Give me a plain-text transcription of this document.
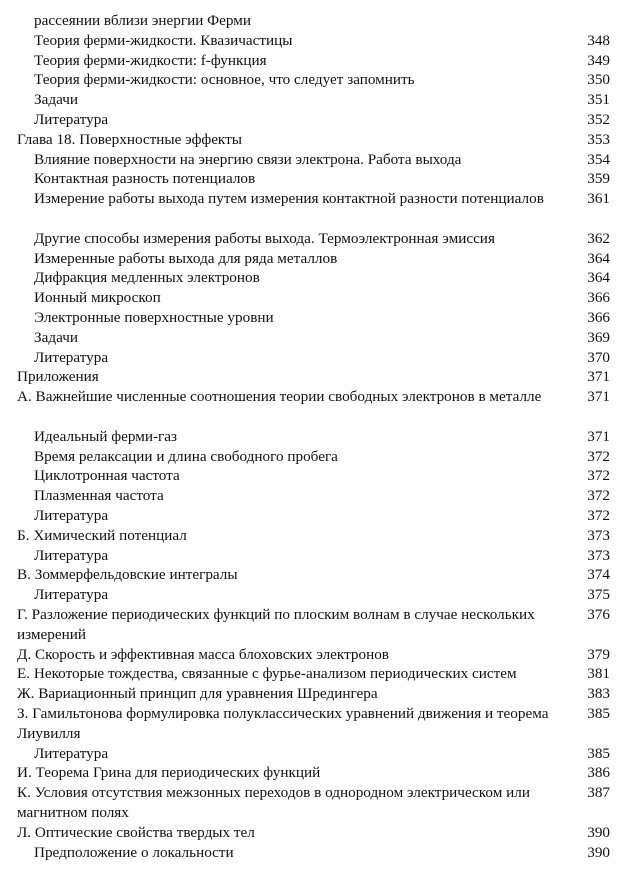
рассеянии вблизи энергии Ферми
Теория ферми-жидкости. Квазичастицы	348
Теория ферми-жидкости: f-функция	349
Теория ферми-жидкости: основное, что следует запомнить	350
Задачи	351
Литература	352
Глава 18. Поверхностные эффекты	353
Влияние поверхности на энергию связи электрона. Работа выхода	354
Контактная разность потенциалов	359
Измерение работы выхода путем измерения контактной разности потенциалов	361
Другие способы измерения работы выхода. Термоэлектронная эмиссия	362
Измеренные работы выхода для ряда металлов	364
Дифракция медленных электронов	364
Ионный микроскоп	366
Электронные поверхностные уровни	366
Задачи	369
Литература	370
Приложения	371
А. Важнейшие численные соотношения теории свободных электронов в металле	371
Идеальный ферми-газ	371
Время релаксации и длина свободного пробега	372
Циклотронная частота	372
Плазменная частота	372
Литература	372
Б. Химический потенциал	373
Литература	373
В. Зоммерфельдовские интегралы	374
Литература	375
Г. Разложение периодических функций по плоским волнам в случае нескольких измерений
376
Д. Скорость и эффективная масса блоховских электронов	379
Е. Некоторые тождества, связанные с фурье-анализом периодических систем	381
Ж. Вариационный принцип для уравнения Шредингера	383
З. Гамильтонова формулировка полуклассических уравнений движения и теорема Лиувилля
385
Литература	385
И. Теорема Грина для периодических функций	386
К. Условия отсутствия межзонных переходов в однородном электрическом или магнитном полях
387
Л. Оптические свойства твердых тел	390
Предположение о локальности	390
